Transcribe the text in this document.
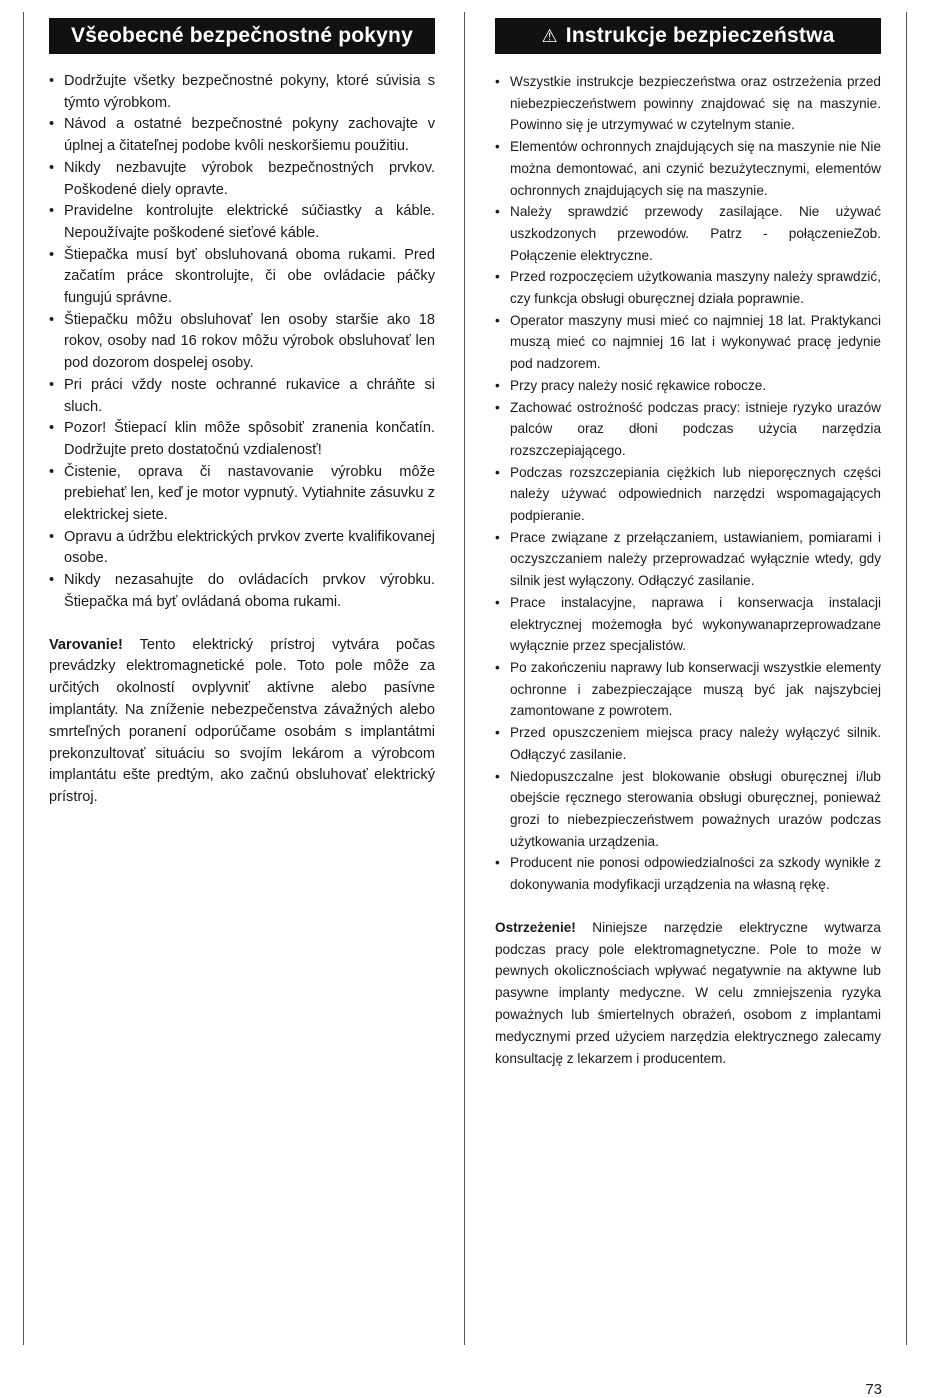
Všeobecné bezpečnostné pokyny
• Dodržujte všetky bezpečnostné pokyny, ktoré súvisia s týmto výrobkom.
• Návod a ostatné bezpečnostné pokyny zachovajte v úplnej a čitateľnej podobe kvôli neskoršiemu použitiu.
• Nikdy nezbavujte výrobok bezpečnostných prvkov. Poškodené diely opravte.
• Pravidelne kontrolujte elektrické súčiastky a káble. Nepoužívajte poškodené sieťové káble.
• Štiepačka musí byť obsluhovaná oboma rukami. Pred začatím práce skontrolujte, či obe ovládacie páčky fungujú správne.
• Štiepačku môžu obsluhovať len osoby staršie ako 18 rokov, osoby nad 16 rokov môžu výrobok obsluhovať len pod dozorom dospelej osoby.
• Pri práci vždy noste ochranné rukavice a chráňte si sluch.
• Pozor! Štiepací klin môže spôsobiť zranenia končatín. Dodržujte preto dostatočnú vzdialenosť!
• Čistenie, oprava či nastavovanie výrobku môže prebiehať len, keď je motor vypnutý. Vytiahnite zásuvku z elektrickej siete.
• Opravu a údržbu elektrických prvkov zverte kvalifikovanej osobe.
• Nikdy nezasahujte do ovládacích prvkov výrobku. Štiepačka má byť ovládaná oboma rukami.

Varovanie! Tento elektrický prístroj vytvára počas prevádzky elektromagnetické pole. Toto pole môže za určitých okolností ovplyvniť aktívne alebo pasívne implantáty. Na zníženie nebezpečenstva závažných alebo smrteľných poranení odporúčame osobám s implantátmi prekonzultovať situáciu so svojím lekárom a výrobcom implantátu ešte predtým, ako začnú obsluhovať elektrický prístroj.

⚠ Instrukcje bezpieczeństwa
• Wszystkie instrukcje bezpieczeństwa oraz ostrzeżenia przed niebezpieczeństwem powinny znajdować się na maszynie. Powinno się je utrzymywać w czytelnym stanie.
• Elementów ochronnych znajdujących się na maszynie nie Nie można demontować, ani czynić bezużytecznymi, elementów ochronnych znajdujących się na maszynie.
• Należy sprawdzić przewody zasilające. Nie używać uszkodzonych przewodów. Patrz - połączenieZob. Połączenie elektryczne.
• Przed rozpoczęciem użytkowania maszyny należy sprawdzić, czy funkcja obsługi oburęcznej działa poprawnie.
• Operator maszyny musi mieć co najmniej 18 lat. Praktykanci muszą mieć co najmniej 16 lat i wykonywać pracę jedynie pod nadzorem.
• Przy pracy należy nosić rękawice robocze.
• Zachować ostrożność podczas pracy: istnieje ryzyko urazów palców oraz dłoni podczas użycia narzędzia rozszczepiającego.
• Podczas rozszczepiania ciężkich lub nieporęcznych części należy używać odpowiednich narzędzi wspomagających podpieranie.
• Prace związane z przełączaniem, ustawianiem, pomiarami i oczyszczaniem należy przeprowadzać wyłącznie wtedy, gdy silnik jest wyłączony. Odłączyć zasilanie.
• Prace instalacyjne, naprawa i konserwacja instalacji elektrycznej możemogła być wykonywanaprzeprowadzane wyłącznie przez specjalistów.
• Po zakończeniu naprawy lub konserwacji wszystkie elementy ochronne i zabezpieczające muszą być jak najszybciej zamontowane z powrotem.
• Przed opuszczeniem miejsca pracy należy wyłączyć silnik. Odłączyć zasilanie.
• Niedopuszczalne jest blokowanie obsługi oburęcznej i/lub obejście ręcznego sterowania obsługi oburęcznej, ponieważ grozi to niebezpieczeństwem poważnych urazów podczas użytkowania urządzenia.
• Producent nie ponosi odpowiedzialności za szkody wynikłe z dokonywania modyfikacji urządzenia na własną rękę.

Ostrzeżenie! Niniejsze narzędzie elektryczne wytwarza podczas pracy pole elektromagnetyczne. Pole to może w pewnych okolicznościach wpływać negatywnie na aktywne lub pasywne implanty medyczne. W celu zmniejszenia ryzyka poważnych lub śmiertelnych obrażeń, osobom z implantami medycznymi przed użyciem narzędzia elektrycznego zalecamy konsultację z lekarzem i producentem.

73
